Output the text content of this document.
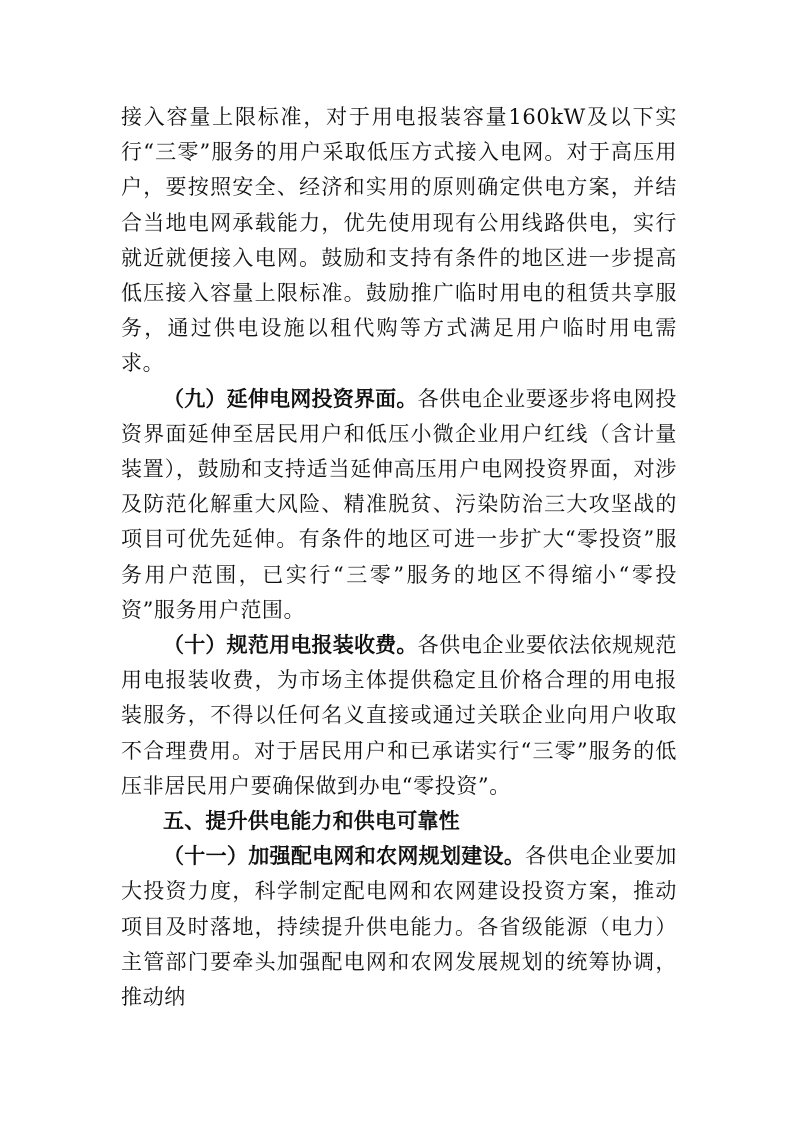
接入容量上限标准，对于用电报装容量160kW及以下实行“三零”服务的用户采取低压方式接入电网。对于高压用户，要按照安全、经济和实用的原则确定供电方案，并结合当地电网承载能力，优先使用现有公用线路供电，实行就近就便接入电网。鼓励和支持有条件的地区进一步提高低压接入容量上限标准。鼓励推广临时用电的租赁共享服务，通过供电设施以租代购等方式满足用户临时用电需求。

（九）延伸电网投资界面。各供电企业要逐步将电网投资界面延伸至居民用户和低压小微企业用户红线（含计量装置），鼓励和支持适当延伸高压用户电网投资界面，对涉及防范化解重大风险、精准脱贫、污染防治三大攻坚战的项目可优先延伸。有条件的地区可进一步扩大“零投资”服务用户范围，已实行“三零”服务的地区不得缩小“零投资”服务用户范围。

（十）规范用电报装收费。各供电企业要依法依规规范用电报装收费，为市场主体提供稳定且价格合理的用电报装服务，不得以任何名义直接或通过关联企业向用户收取不合理费用。对于居民用户和已承诺实行“三零”服务的低压非居民用户要确保做到办电“零投资”。

五、提升供电能力和供电可靠性

（十一）加强配电网和农网规划建设。各供电企业要加大投资力度，科学制定配电网和农网建设投资方案，推动项目及时落地，持续提升供电能力。各省级能源（电力）主管部门要牵头加强配电网和农网发展规划的统筹协调，推动纳
